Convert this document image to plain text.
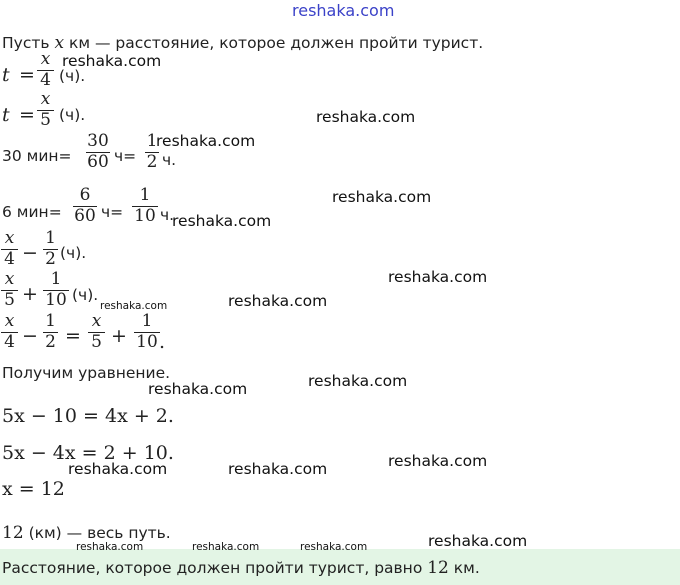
reshaka.com
Пусть x км — расстояние, которое должен пройти турист.
t =
x
4 (ч).
t =
x
5 (ч).
30 мин=
30
60 ч=
1
2 ч.
6 мин=
6
60 ч=
1
10 ч.
x
4 −
1
2 (ч).
x
5 +
1
10 (ч).
x
4 −
1
2 =
x
5 +
1
10 .
Получим уравнение.
5x − 10 = 4x + 2.
5x − 4x = 2 + 10.
x = 12
12 (км) — весь путь.
Расстояние, которое должен пройти турист, равно 12 км.
reshaka.com
reshaka.com
reshaka.com
reshaka.com
reshaka.com
reshaka.com
reshaka.com
reshaka.com
reshaka.com
reshaka.com
reshaka.com
reshaka.com	reshaka.com
reshaka.com
reshaka.com	reshaka.com	reshaka.com
